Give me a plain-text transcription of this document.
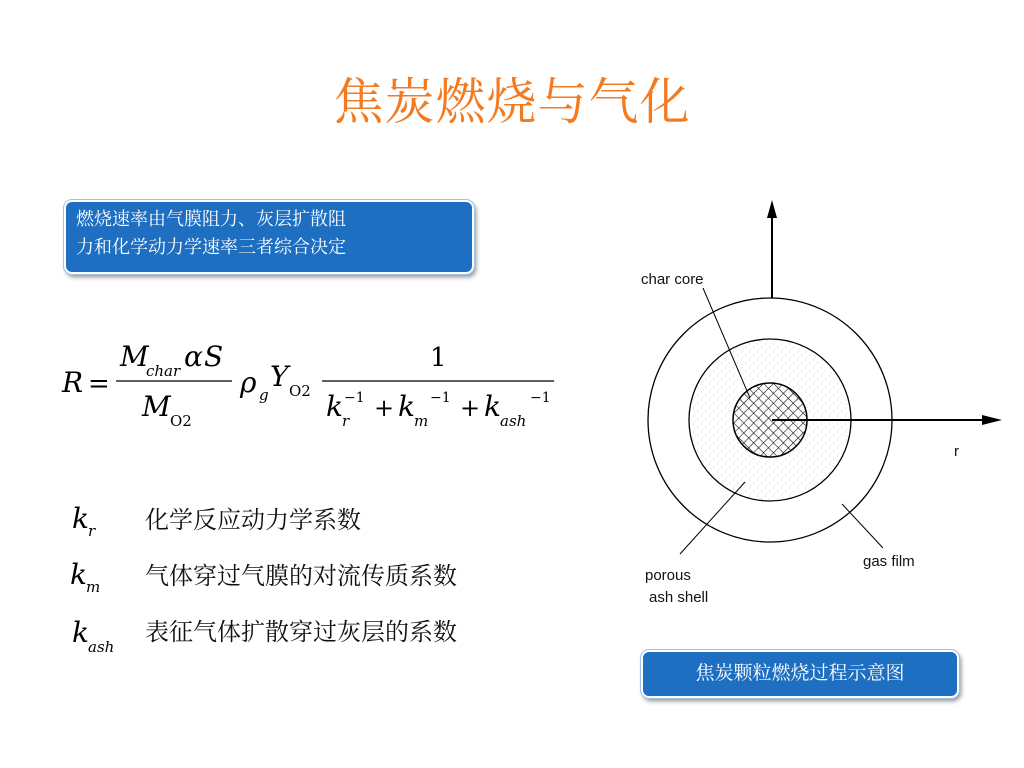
焦炭燃烧与气化
燃烧速率由气膜阻力、灰层扩散阻
力和化学动力学速率三者综合决定
R =
M
char α S
M O2
ρ g
Y O2
1
k r
−1 + k m
−1 + k ash
−1
k r 化学反应动力学系数
k m 气体穿过气膜的对流传质系数
k ash
表征气体扩散穿过灰层的系数
char core
porous
ash shell
gas film
r
焦炭颗粒燃烧过程示意图
